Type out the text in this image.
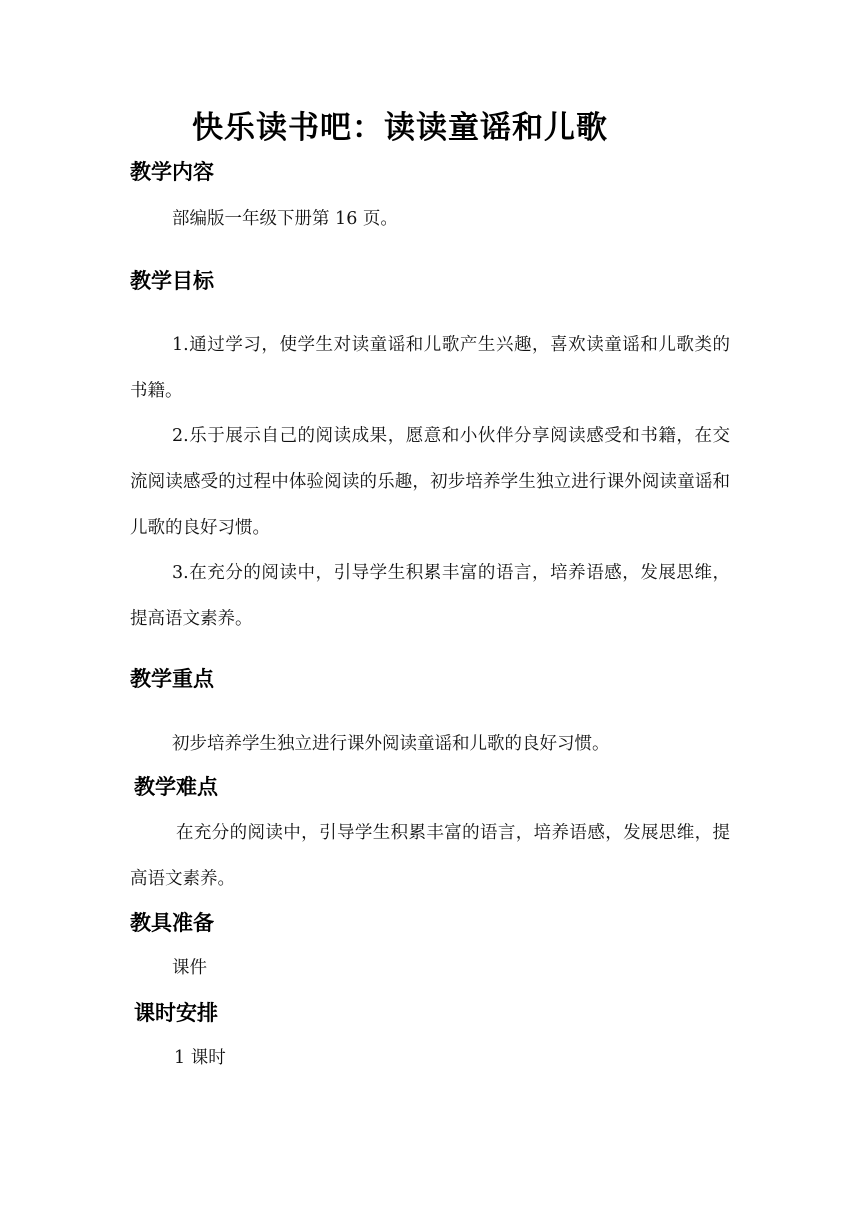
快乐读书吧：读读童谣和儿歌
教学内容
部编版一年级下册第 16 页。
教学目标
1.通过学习，使学生对读童谣和儿歌产生兴趣，喜欢读童谣和儿歌类的书籍。
2.乐于展示自己的阅读成果，愿意和小伙伴分享阅读感受和书籍，在交流阅读感受的过程中体验阅读的乐趣，初步培养学生独立进行课外阅读童谣和儿歌的良好习惯。
3.在充分的阅读中，引导学生积累丰富的语言，培养语感，发展思维，提高语文素养。
教学重点
初步培养学生独立进行课外阅读童谣和儿歌的良好习惯。
教学难点
在充分的阅读中，引导学生积累丰富的语言，培养语感，发展思维，提高语文素养。
教具准备
课件
课时安排
1 课时
